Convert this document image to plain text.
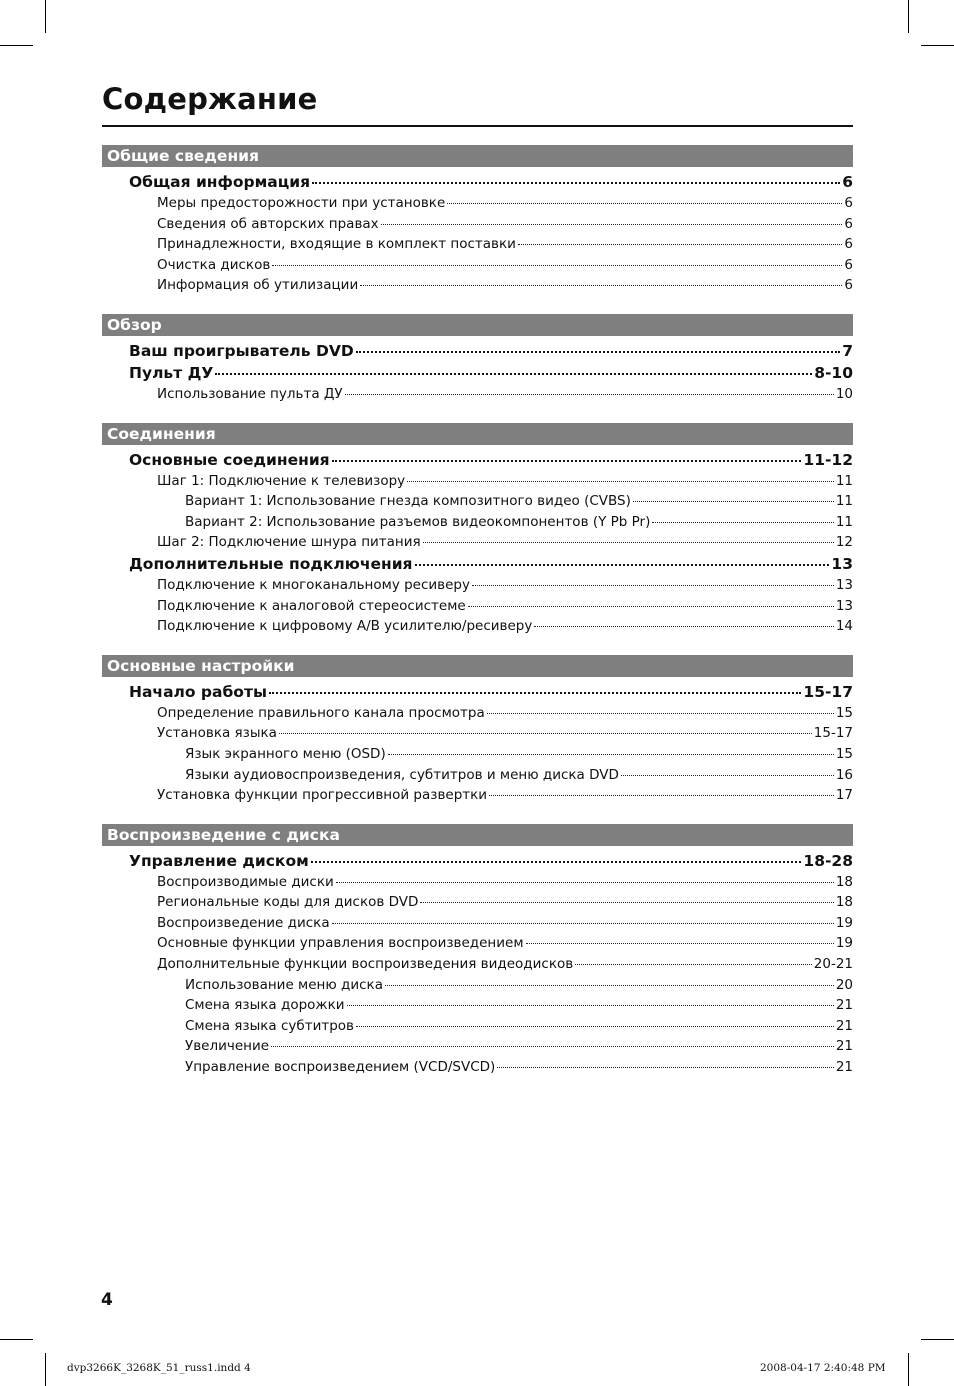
Содержание
Общие сведения
Общая информация	6
Меры предосторожности при установке	6
Сведения об авторских правах	6
Принадлежности, входящие в комплект поставки	6
Очистка дисков	6
Информация об утилизации	6
Обзор
Ваш проигрыватель DVD	7
Пульт ДУ	8-10
Использование пульта ДУ	10
Соединения
Основные соединения	11-12
Шаг 1: Подключение к телевизору	11
Вариант 1: Использование гнезда композитного видео (CVBS)	11
Вариант 2: Использование разъемов видеокомпонентов (Y Pb Pr)	11
Шаг 2: Подключение шнура питания	12
Дополнительные подключения	13
Подключение к многоканальному ресиверу	13
Подключение к аналоговой стереосистеме	13
Подключение к цифровому A/B усилителю/ресиверу	14
Основные настройки
Начало работы	15-17
Определение правильного канала просмотра	15
Установка языка	15-17
Язык экранного меню (OSD)	15
Языки аудиовоспроизведения, субтитров и меню диска DVD	16
Установка функции прогрессивной развертки	17
Воспроизведение с диска
Управление диском	18-28
Воспроизводимые диски	18
Региональные коды для дисков DVD	18
Воспроизведение диска	19
Основные функции управления воспроизведением	19
Дополнительные функции воспроизведения видеодисков	20-21
Использование меню диска	20
Смена языка дорожки	21
Смена языка субтитров	21
Увеличение	21
Управление воспроизведением (VCD/SVCD)	21
4
dvp3266K_3268K_51_russ1.indd 4	2008-04-17 2:40:48 PM
